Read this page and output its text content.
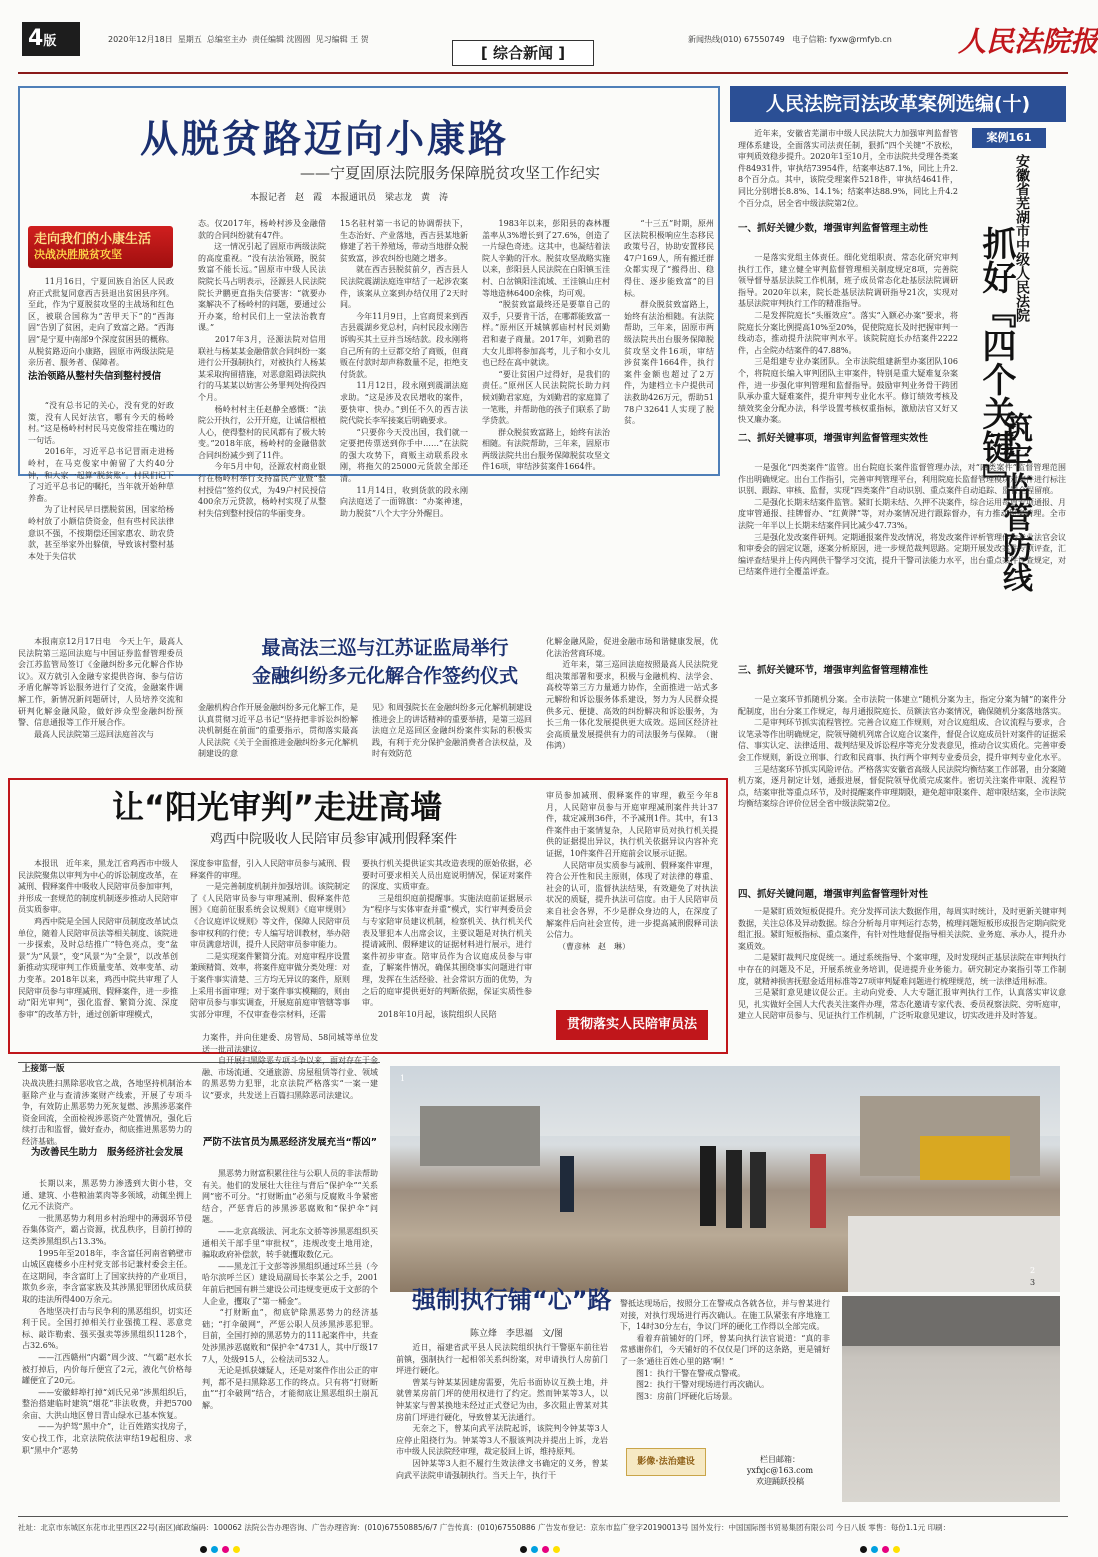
4版	2020年12月18日 星期五 总编室主办 责任编辑 沈圆圆 见习编辑 王 贺
[ 综合新闻 ]
新闻热线(010) 67550749 电子信箱: fyxw@rmfyb.cn 人民法院报
从脱贫路迈向小康路
——宁夏固原法院服务保障脱贫攻坚工作纪实
本报记者　赵　霞　本报通讯员　梁志龙　黄　涛
走向我们的小康生活
决战决胜脱贫攻坚
　　11月16日，宁夏回族自治区人民政府正式批复同意西吉县退出贫困县序列。至此，作为宁夏脱贫攻坚的主战场和红色区，被联合国称为“苦甲天下”的“西海固”告别了贫困，走向了致富之路。“西海固”是宁夏中南部9个深度贫困县的概称。从脱贫路迈向小康路，固原市两级法院是亲历者、服务者、保障者。
法治领路从整村失信到整村授信
　　“没有总书记的关心，没有党的好政策，没有人民好法官，哪有今天的杨岭村。”这是杨岭村村民马克俊常挂在嘴边的一句话。
　　2016年，习近平总书记冒雨走进杨岭村，在马克俊家中俯留了大约40分钟，和大家一起算“脱贫账”。村民们记下了习近平总书记的嘱托，当年就开始种草养畜。
　　为了让村民早日摆脱贫困，国家给杨岭村放了小额信贷资金，但有些村民法律意识不强，不按期偿还国家惠农、助农贷款，甚至举家外出躲债，导致该村整村基本处于失信状
态。仅2017年，杨岭村涉及金融借款的合同纠纷就有47件。
　　这一情况引起了固原市两级法院的高度重视。“没有法治领路，脱贫致富不能长远。”固原市中级人民法院院长马占明表示，泾源县人民法院院长尹鹏更直指失信要害：“就要办案解决不了杨岭村的问题，要通过公开办案，给村民们上一堂法治教育课。”
　　2017年3月，泾源法院对信用联社与杨某某金融借款合同纠纷一案进行公开强制执行，对被执行人杨某某采取拘留措施，对恶意阻碍法院执行的马某某以妨害公务罪判处拘役四个月。
　　杨岭村村主任赵静全感慨：“法院公开执行，公开开庭，让诚信根植人心，使得整村的民风都有了极大转变。”2018年底，杨岭村的金融借款合同纠纷减少到了11件。
　　今年5月中旬，泾源农村商业银行在杨岭村举行支持富民产业暨“整村授信”签约仪式，为49户村民授信400余万元贷款，杨岭村实现了从整村失信到整村授信的华丽变身。
15名驻村第一书记的协调帮扶下，生态治好、产业落地，西吉县某地新修建了若干养殖场，带动当地群众脱贫致富，涉农纠纷也随之增多。
　　就在西吉县脱贫前夕，西吉县人民法院震湖法庭连审结了一起涉农案件，该案从立案到办结仅用了2天时间。
　　今年11月9日，上官商贸来到西吉县震湖乡党总村，向村民段永刚告诉购买其土豆并当场结款。段永刚将自己所有的土豆都交给了商贩，但商贩在付款时却声称数量不足，拒绝支付货款。
　　11月12日，段永刚到震湖法庭求助。“这是涉及农民增收的案件，要快审、快办。”到任不久的西吉法院代院长李军接案后明确要求。
　　“只要你今天没出国，我们就一定要把传票送到你手中……”在法院的强大攻势下，商贩主动联系段永刚，将拖欠的25000元货款全部还清。
　　11月14日，收到货款的段永刚向法庭送了一面锦旗：“办案神速，助力脱贫”八个大字分外醒目。
　　1983年以来，彭阳县的森林覆盖率从3%增长到了27.6%，创造了一片绿色奇迹。这其中，也凝结着法院人辛勤的汗水。脱贫攻坚战略实施以来，彭阳县人民法院在白阳镇玉洼村、白岔镇阳洼流域、王洼镇山庄村等地造林6400余株，均可观。
　　“脱贫致富最终还是要靠自己的双手，只要肯干活，在哪都能致富一样。”原州区开城镇郭庙村村民刘勤君和妻子商量。2017年，刘勤君的大女儿即将参加高考，儿子和小女儿也已经在高中就读。
　　“要让贫困户过得好，是我们的责任。”原州区人民法院院长助力问候刘勤君家庭，为刘勤君的家庭算了一笔账，并帮助他的孩子们联系了助学贷款。
　　群众脱贫致富路上，始终有法治相随。有法院帮助，三年来，固原市两级法院共出台服务保障脱贫攻坚文件16项，审结涉贫案件1664件。
　　“十三五”时期，原州区法院积极响应生态移民政策号召，协助安置移民47户169人，所有搬迁群众都实现了“搬得出、稳得住、逐步能致富”的目标。
　　群众脱贫致富路上，始终有法治相随。有法院帮助，三年来，固原市两级法院共出台服务保障脱贫攻坚文件16项，审结涉贫案件1664件，执行案件金额也超过了2万件，为建档立卡户提供司法救助426万元，帮助5178户32641人实现了脱贫。
　　本报南京12月17日电　今天上午，最高人民法院第三巡回法庭与中国证券监督管理委员会江苏监管局签订《金融纠纷多元化解合作协议》。双方就引入金融专家提供咨询、参与信访矛盾化解等诉讼服务进行了交流，金融案件调解工作，新情况新问题研讨，人员培养交流和研判化解金融风险，做好涉众型金融纠纷预警、信息通报等工作开展合作。
　　最高人民法院第三巡回法庭首次与
最高法三巡与江苏证监局举行
金融纠纷多元化解合作签约仪式
金融机构合作开展金融纠纷多元化解工作，是认真贯彻习近平总书记“坚持把非诉讼纠纷解决机制挺在前面”的重要指示，贯彻落实最高人民法院《关于全面推进金融纠纷多元化解机制建设的意
见》和周强院长在金融纠纷多元化解机制建设推进会上的讲话精神的重要举措，是第三巡回法庭立足巡回区金融纠纷案件实际的积极实践，有利于充分保护金融消费者合法权益，及时有效防范
化解金融风险，促进金融市场和谐健康发展，优化法治营商环境。
　　近年来，第三巡回法庭按照最高人民法院党组决策部署和要求，积极与金融机构、法学会、高校等第三方力量通力协作，全面推进一站式多元解纷和诉讼服务体系建设，努力为人民群众提供多元、便捷、高效的纠纷解决和诉讼服务，为长三角一体化发展提供更大成效。巡回区经济社会高质量发展提供有力的司法服务与保障。　（谢伟鸿）
人民法院司法改革案例选编(十)
案例161
安徽省芜湖市中级人民法院
抓好『四个关键』
筑牢监管防线
　　近年来，安徽省芜湖市中级人民法院大力加强审判监督管理体系建设，全面落实司法责任制，狠抓“四个关键”不放松，审判质效稳步提升。2020年1至10月，全市法院共受理各类案件84931件，审执结73954件，结案率达87.1%，同比上升2.8个百分点。其中，该院受理案件5218件，审执结4641件，同比分别增长8.8%、14.1%；结案率达88.9%，同比上升4.2个百分点，居全省中级法院第2位。
一、抓好关键少数，增强审判监督管理主动性
　　一是落实党组主体责任。细化党组职责、常态化研究审判执行工作，建立健全审判监督管理相关制度规定8项，完善院领导督导基层法院工作机制，班子成员常态化赴基层法院调研指导。2020年以来，院长赴基层法院调研指导21次，实现对基层法院审判执行工作的精准指导。
　　二是发挥院庭长“头雁效应”。落实“入额必办案”要求，将院庭长分案比例提高10%至20%，促使院庭长及时把握审判一线动态，推动提升法院审判水平。该院院庭长办结案件2222件，占全院办结案件的47.88%。
　　三是组建专业办案团队。全市法院组建新型办案团队106个，将院庭长编入审判团队主审案件，特别是重大疑难复杂案件，进一步强化审判管理和监督指导。鼓励审判业务骨干跨团队承办重大疑难案件，提升审判专业化水平。修订绩效考核及绩效奖金分配办法，科学设置考核权重指标，激励法官又好又快又廉办案。
二、抓好关键事项，增强审判监督管理实效性
　　一是强化“四类案件”监管。出台院庭长案件监督管理办法，对“四类案件”监督管理范围作出明确规定。出台工作指引，完善审判管理平台，利用院庭长监督管理模块对案件进行标注识别、跟踪、审核、监督，实现“四类案件”自动识别、重点案件自动追踪、监管全程留痕。
　　二是强化长期未结案件监管。紧盯长期未结、久押不决案件，综合运用每周专项通报、月度审管通报、挂牌督办、“红黄牌”等，对办案情况进行跟踪督办，有力推动积案清理。全市法院一年半以上长期未结案件同比减少47.73%。
　　三是强化发改案件研判。定期通报案件发改情况，将发改案件评析管理作为专业法官会议和审委会的固定议题，逐案分析原因，进一步规范裁判思路。定期开展发改案件专项评查，汇编评查结果并上传内网供干警学习交流，提升干警司法能力水平，出台重点案件评查规定，对已结案件进行全覆盖评查。
三、抓好关键环节，增强审判监督管理精准性
　　一是立案环节抓随机分案。全市法院一体建立“随机分案为主，指定分案为辅”的案件分配制度，出台分案工作规定，每月通报院庭长、员额法官办案情况，确保随机分案落地落实。
　　二是审判环节抓实流程管控。完善合议庭工作规则，对合议庭组成、合议流程与要求，合议笔录等作出明确规定，院领导随机列席合议庭合议案件，督促合议庭成员针对案件的证据采信、事实认定、法律适用、裁判结果及诉讼程序等充分发表意见，推动合议实质化。完善审委会工作规则，新设立刑事、行政和民商事、执行两个审判专业委员会，提升审判专业化水平。
　　三是结案环节抓实风险评估。严格落实安徽省高级人民法院均衡结案工作部署，由分案随机方案，逐月制定计划，通报进展，督促院领导优质完成案件。密切关注案件审限、流程节点，结案审批等重点环节，及时提醒案件审理期限，避免超审限案件、超审限结案，全市法院均衡结案综合评价位居全省中级法院第2位。
四、抓好关键问题，增强审判监督管理针对性
　　一是紧盯质效短板促提升。充分发挥司法大数据作用，每周实时统计，及时更新关键审判数据，关注总体及异动数据。综合分析每月审判运行态势，梳理问题短板形成报告定期向院党组汇报。紧盯短板指标、重点案件，有针对性地督促指导相关法院、业务庭、承办人，提升办案质效。
　　二是紧盯裁判尺度促统一。通过系统指导、个案审理，及时发现纠正基层法院在审判执行中存在的问题及不足，开展系统业务培训，促进提升业务能力。研究制定办案指引等工作制度，就精神损害抚慰金适用标准等27项审判疑难问题进行梳理规范，统一法律适用标准。
　　三是紧盯意见建议促公正。主动向党委、人大专题汇报审判执行工作，认真落实审议意见，扎实做好全国人大代表关注案件办理，常态化邀请专家代表、委员视察法院、旁听庭审，建立人民陪审员参与、见证执行工作机制，广泛听取意见建议，切实改进并及时答复。
让“阳光审判”走进高墙
鸡西中院吸收人民陪审员参审减刑假释案件
　　本报讯　近年来，黑龙江省鸡西市中级人民法院聚焦以审判为中心的诉讼制度改革，在减刑、假释案件中吸收人民陪审员参加审判，并形成一套规范的制度机制逐步推动人民陪审员实质参审。
　　鸡西中院是全国人民陪审员制度改革试点单位，随着人民陪审员法等相关制度、该院进一步探索，及时总结推广“特色亮点，变“盆景”为“风景”，变“风景”为“全景”，以改革创新推动实现审判工作质量变革、效率变革、动力变革。2018年以来，鸡西中院共审理了人民陪审员参与审理减刑、假释案件，进一步推动“阳光审判”，强化监督、繁简分流、深度参审”的改革方针，通过创新审理模式，
深度参审监督，引入人民陪审员参与减刑、假释案件的审理。
　　一是完善制度机制并加强培训。该院制定了《人民陪审员参与审理减刑、假释案件范围》《庭前征服系统会议规则》《庭审规则》《合议庭评议规则》等文件，保障人民陪审员参审权利的行使；专人编写培训教材，举办陪审员满意培训，提升人民陪审员参审能力。
　　二是实现案件繁简分流。对庭审程序设置兼顾精简、效率，将案件庭审做分类处理：对于案件事实清楚、三方均无异议的案件，原则上采用书面审理；对于案件事实模糊的，则由陪审员参与事实调查，开展庭前庭审管辖等事实部分审理，不仅审查卷宗材料，还需
要执行机关提供证实其改造表现的原始依据，必要时可要求相关人员出庭说明情况，保证对案件的深度、实质审查。
　　三是组织庭前提醒事。实施法庭前证据展示为“程序与实体审查并重”模式，实行审判委员会与专家陪审员建议机制，检察机关、执行机关代表及罪犯本人出席会议，主要议题是对执行机关提请减刑、假释建议的证据材料进行展示，进行案件初步审查。陪审员作为合议庭成员参与审查，了解案件情况，确保其围绕事实问题进行审理，发挥在生活经验、社会常识方面的优势，为之后的庭审提供更好的判断依据，保证实质性参审。
　　2018年10月起，该院组织人民陪
审员参加减刑、假释案件的审理，截至今年8月，人民陪审员参与开庭审理减刑案件共计37件，裁定减刑36件，不予减刑1件。其中，有13件案件由于案情复杂，人民陪审员对执行机关提供的证据提出异议，执行机关依据异议内容补充证据，10件案件召开庭前会议展示证据。
　　人民陪审员实质参与减刑、假释案件审理，符合公开性和民主原则，体现了对法律的尊重、社会的认可，监督执法结果，有效避免了对执法状况的质疑，提升执法可信度。由于人民陪审员来自社会各界，不少是群众身边的人，在深度了解案件后向社会宣传，进一步提高减刑假释司法公信力。
　　（曹彦林　赵　琳）
贯彻落实人民陪审员法
上接第一版
决战决胜扫黑除恶收官之战，各地坚持机制治本驱除产业与查清涉案财产线索，开展了专项斗争，有效防止黑恶势力死灰复燃、涉黑涉恶案件资金回流，全面检视涉恶资产处置情况，强化后续打击和监督，做好查办，彻底推进黑恶势力的经济基础。
为改善民生助力　服务经济社会发展
　　长期以来，黑恶势力渗透到大街小巷，交通、建筑、小巷粮油菜肉等多领域，动辄坐拥上亿元不法资产。
　　一批黑恶势力利用乡村治理中的薄弱环节侵吞集体资产，霸占资源，扰乱秩序，目前打掉的这类涉黑组织占13.3%。
　　1995年至2018年，李含富任河南省鹤壁市山城区鹿楼乡小庄村党支部书记兼村委会主任。在这期间，李含富盯上了国家扶持的产业项目，欺负乡亲，李含富家族及其涉黑犯罪团伙成员获取的违法所得400万余元。
　　各地坚决打击与民争利的黑恶组织，切实还利于民。全国打掉相关行业强揽工程、恶意竞标、敲诈勒索、强买强卖等涉黑组织1128个，占32.6%。
　　——江西赣州“内霸”周少波、“气霸”赵水长被打掉后，内价每斤便宜了2元，液化气价格每罐便宜了20元。
　　——安徽蚌埠打掉“刘氏兄弟”涉黑组织后，整治搭建临时建筑“烟花”非法收费，并把5700余亩、大洪山地区曾日青山绿水已基本恢复。
　　——为护驾“黑中介”，让百姓踏实找房子，安心找工作，北京法院依法审结19起租房、求职“黑中介”恶势
力案件，并向住建委、房管局、58同城等单位发送一批司法建议。
　　自开展扫黑除恶专项斗争以来，面对存在于金融、市场流通、交通旅游、房屋租赁等行业、领域的黑恶势力犯罪，北京法院严格落实“一案一建议”要求，共发送上百篇扫黑除恶司法建议。
严防不法官员为黑恶经济发展充当“帮凶”
　　黑恶势力财富积累往往与公职人员的非法帮助有关。他们的发展壮大往往与背后“保护伞”“关系网”密不可分。“打财断血”必须与反腐败斗争紧密结合，严惩背后的涉黑涉恶腐败和“保护伞”问题。
　　——北京高级法、河北东文骄等涉黑恶组织买通相关干部手里“审批权”，违规改变土地用途，骗取政府补偿款，转手就攫取数亿元。
　　——黑龙江于文彭等涉黑组织通过环兰县（今哈尔滨呼兰区）建设局副局长李某公之手，2001年前后把国有耕兰建设公司违规变更成于文彭的个人企业，攫取了“第一桶金”。
　　“打财断血”，彻底铲除黑恶势力的经济基础；“打伞破网”，严惩公职人员涉黑涉恶犯罪。目前，全国打掉的黑恶势力的111起案件中，共查处涉黑涉恶腐败和“保护伞”4731人，其中厅级177人，处级915人，公检法司532人。
　　无论是抓获嫌疑人，还是对案件作出公正的审判，都不是扫黑除恶工作的终点。只有将“打财断血”“打伞破网”结合，才能彻底让黑恶组织土崩瓦解。
1
2
3
强制执行铺“心”路
陈立烽　李思福　文/图
　　近日，福建省武平县人民法院组织执行干警驱车前往岩前镇，强制执行一起相邻关系纠纷案，对申请执行人房前门坪进行硬化。
　　曾某与钟某某因建房需要，先后书面协议互换土地，并就曾某房前门坪的使用权进行了约定。然而钟某等3人，以钟某家与曾某换地未经过正式登记为由，多次阻止曾某对其房前门坪进行硬化，导致曾某无法通行。
　　无奈之下，曾某向武平法院起诉，该院判令钟某等3人应停止阻挠行为。钟某等3人不服该判决并提出上诉，龙岩市中级人民法院经审理，裁定驳回上诉，维持原判。
　　因钟某等3人拒不履行生效法律文书确定的义务，曾某向武平法院申请强制执行。当天上午，执行干
警抵达现场后，按照分工在警戒点各就各位，并与曾某进行对接，对执行现场进行再次确认。在施工队紧张有序地施工下，14时30分左右，争议门坪的硬化工作得以全部完成。
　　看着弃前铺好的门坪，曾某向执行法官说道：“真的非常感谢你们，今天铺好的不仅仅是门坪的这条路，更是铺好了一条‘通往百姓心里的路’啊！”
　　图1：执行干警在警戒点警戒。
　　图2：执行干警对现场进行再次确认。
　　图3：房前门坪硬化后场景。
影像·法治建设	栏目邮箱：
yxfxjc@163.com
欢迎踊跃投稿
社址：北京市东城区东花市北里西区22号(南区)邮政编码：100062 法院公告办理咨询、广告办理咨询：(010)67550885/6/7 广告传真：(010)67550886 广告发布登记：京东市监广登字20190013号 国外发行：中国国际图书贸易集团有限公司 今日八版 零售：每份1.1元 印刷：
